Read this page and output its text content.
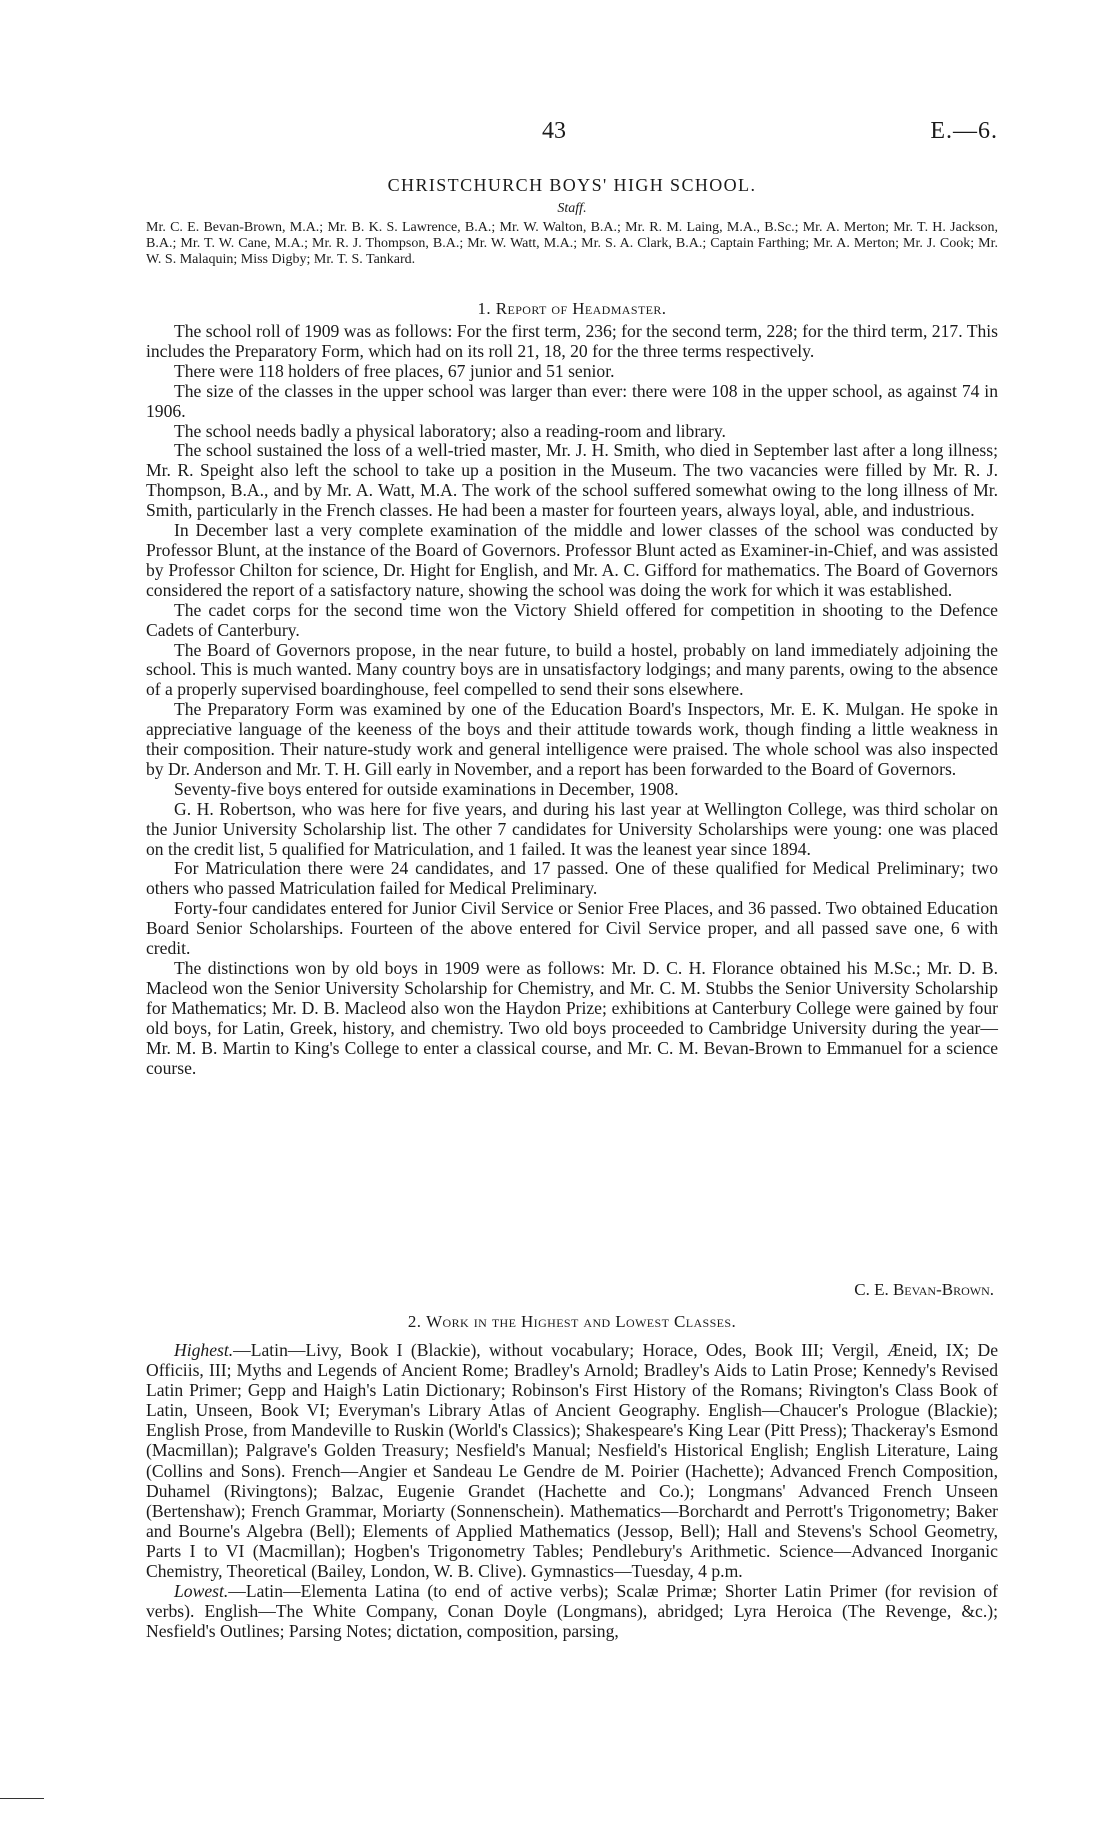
43	E.—6.
CHRISTCHURCH BOYS' HIGH SCHOOL.
Staff.
Mr. C. E. Bevan-Brown, M.A.; Mr. B. K. S. Lawrence, B.A.; Mr. W. Walton, B.A.; Mr. R. M. Laing, M.A., B.Sc.; Mr. A. Merton; Mr. T. H. Jackson, B.A.; Mr. T. W. Cane, M.A.; Mr. R. J. Thompson, B.A.; Mr. W. Watt, M.A.; Mr. S. A. Clark, B.A.; Captain Farthing; Mr. A. Merton; Mr. J. Cook; Mr. W. S. Malaquin; Miss Digby; Mr. T. S. Tankard.
1. Report of Headmaster.

The school roll of 1909 was as follows: For the first term, 236; for the second term, 228; for the third term, 217. This includes the Preparatory Form, which had on its roll 21, 18, 20 for the three terms respectively.

There were 118 holders of free places, 67 junior and 51 senior.

The size of the classes in the upper school was larger than ever: there were 108 in the upper school, as against 74 in 1906.

The school needs badly a physical laboratory; also a reading-room and library.

The school sustained the loss of a well-tried master, Mr. J. H. Smith, who died in September last after a long illness; Mr. R. Speight also left the school to take up a position in the Museum. The two vacancies were filled by Mr. R. J. Thompson, B.A., and by Mr. A. Watt, M.A. The work of the school suffered somewhat owing to the long illness of Mr. Smith, particularly in the French classes. He had been a master for fourteen years, always loyal, able, and industrious.

In December last a very complete examination of the middle and lower classes of the school was conducted by Professor Blunt, at the instance of the Board of Governors. Professor Blunt acted as Examiner-in-Chief, and was assisted by Professor Chilton for science, Dr. Hight for English, and Mr. A. C. Gifford for mathematics. The Board of Governors considered the report of a satisfactory nature, showing the school was doing the work for which it was established.

The cadet corps for the second time won the Victory Shield offered for competition in shooting to the Defence Cadets of Canterbury.

The Board of Governors propose, in the near future, to build a hostel, probably on land immediately adjoining the school. This is much wanted. Many country boys are in unsatisfactory lodgings; and many parents, owing to the absence of a properly supervised boardinghouse, feel compelled to send their sons elsewhere.

The Preparatory Form was examined by one of the Education Board's Inspectors, Mr. E. K. Mulgan. He spoke in appreciative language of the keeness of the boys and their attitude towards work, though finding a little weakness in their composition. Their nature-study work and general intelligence were praised. The whole school was also inspected by Dr. Anderson and Mr. T. H. Gill early in November, and a report has been forwarded to the Board of Governors.

Seventy-five boys entered for outside examinations in December, 1908.

G. H. Robertson, who was here for five years, and during his last year at Wellington College, was third scholar on the Junior University Scholarship list. The other 7 candidates for University Scholarships were young: one was placed on the credit list, 5 qualified for Matriculation, and 1 failed. It was the leanest year since 1894.

For Matriculation there were 24 candidates, and 17 passed. One of these qualified for Medical Preliminary; two others who passed Matriculation failed for Medical Preliminary.

Forty-four candidates entered for Junior Civil Service or Senior Free Places, and 36 passed. Two obtained Education Board Senior Scholarships. Fourteen of the above entered for Civil Service proper, and all passed save one, 6 with credit.

The distinctions won by old boys in 1909 were as follows: Mr. D. C. H. Florance obtained his M.Sc.; Mr. D. B. Macleod won the Senior University Scholarship for Chemistry, and Mr. C. M. Stubbs the Senior University Scholarship for Mathematics; Mr. D. B. Macleod also won the Haydon Prize; exhibitions at Canterbury College were gained by four old boys, for Latin, Greek, history, and chemistry. Two old boys proceeded to Cambridge University during the year—Mr. M. B. Martin to King's College to enter a classical course, and Mr. C. M. Bevan-Brown to Emmanuel for a science course.

C. E. Bevan-Brown.
2. Work in the Highest and Lowest Classes.

Highest.—Latin—Livy, Book I (Blackie), without vocabulary; Horace, Odes, Book III; Vergil, Æneid, IX; De Officiis, III; Myths and Legends of Ancient Rome; Bradley's Arnold; Bradley's Aids to Latin Prose; Kennedy's Revised Latin Primer; Gepp and Haigh's Latin Dictionary; Robinson's First History of the Romans; Rivington's Class Book of Latin, Unseen, Book VI; Everyman's Library Atlas of Ancient Geography. English—Chaucer's Prologue (Blackie); English Prose, from Mandeville to Ruskin (World's Classics); Shakespeare's King Lear (Pitt Press); Thackeray's Esmond (Macmillan); Palgrave's Golden Treasury; Nesfield's Manual; Nesfield's Historical English; English Literature, Laing (Collins and Sons). French—Angier et Sandeau Le Gendre de M. Poirier (Hachette); Advanced French Composition, Duhamel (Rivingtons); Balzac, Eugenie Grandet (Hachette and Co.); Longmans' Advanced French Unseen (Bertenshaw); French Grammar, Moriarty (Sonnenschein). Mathematics—Borchardt and Perrott's Trigonometry; Baker and Bourne's Algebra (Bell); Elements of Applied Mathematics (Jessop, Bell); Hall and Stevens's School Geometry, Parts I to VI (Macmillan); Hogben's Trigonometry Tables; Pendlebury's Arithmetic. Science—Advanced Inorganic Chemistry, Theoretical (Bailey, London, W. B. Clive). Gymnastics—Tuesday, 4 p.m.

Lowest.—Latin—Elementa Latina (to end of active verbs); Scalæ Primæ; Shorter Latin Primer (for revision of verbs). English—The White Company, Conan Doyle (Longmans), abridged; Lyra Heroica (The Revenge, &c.); Nesfield's Outlines; Parsing Notes; dictation, composition, parsing,
